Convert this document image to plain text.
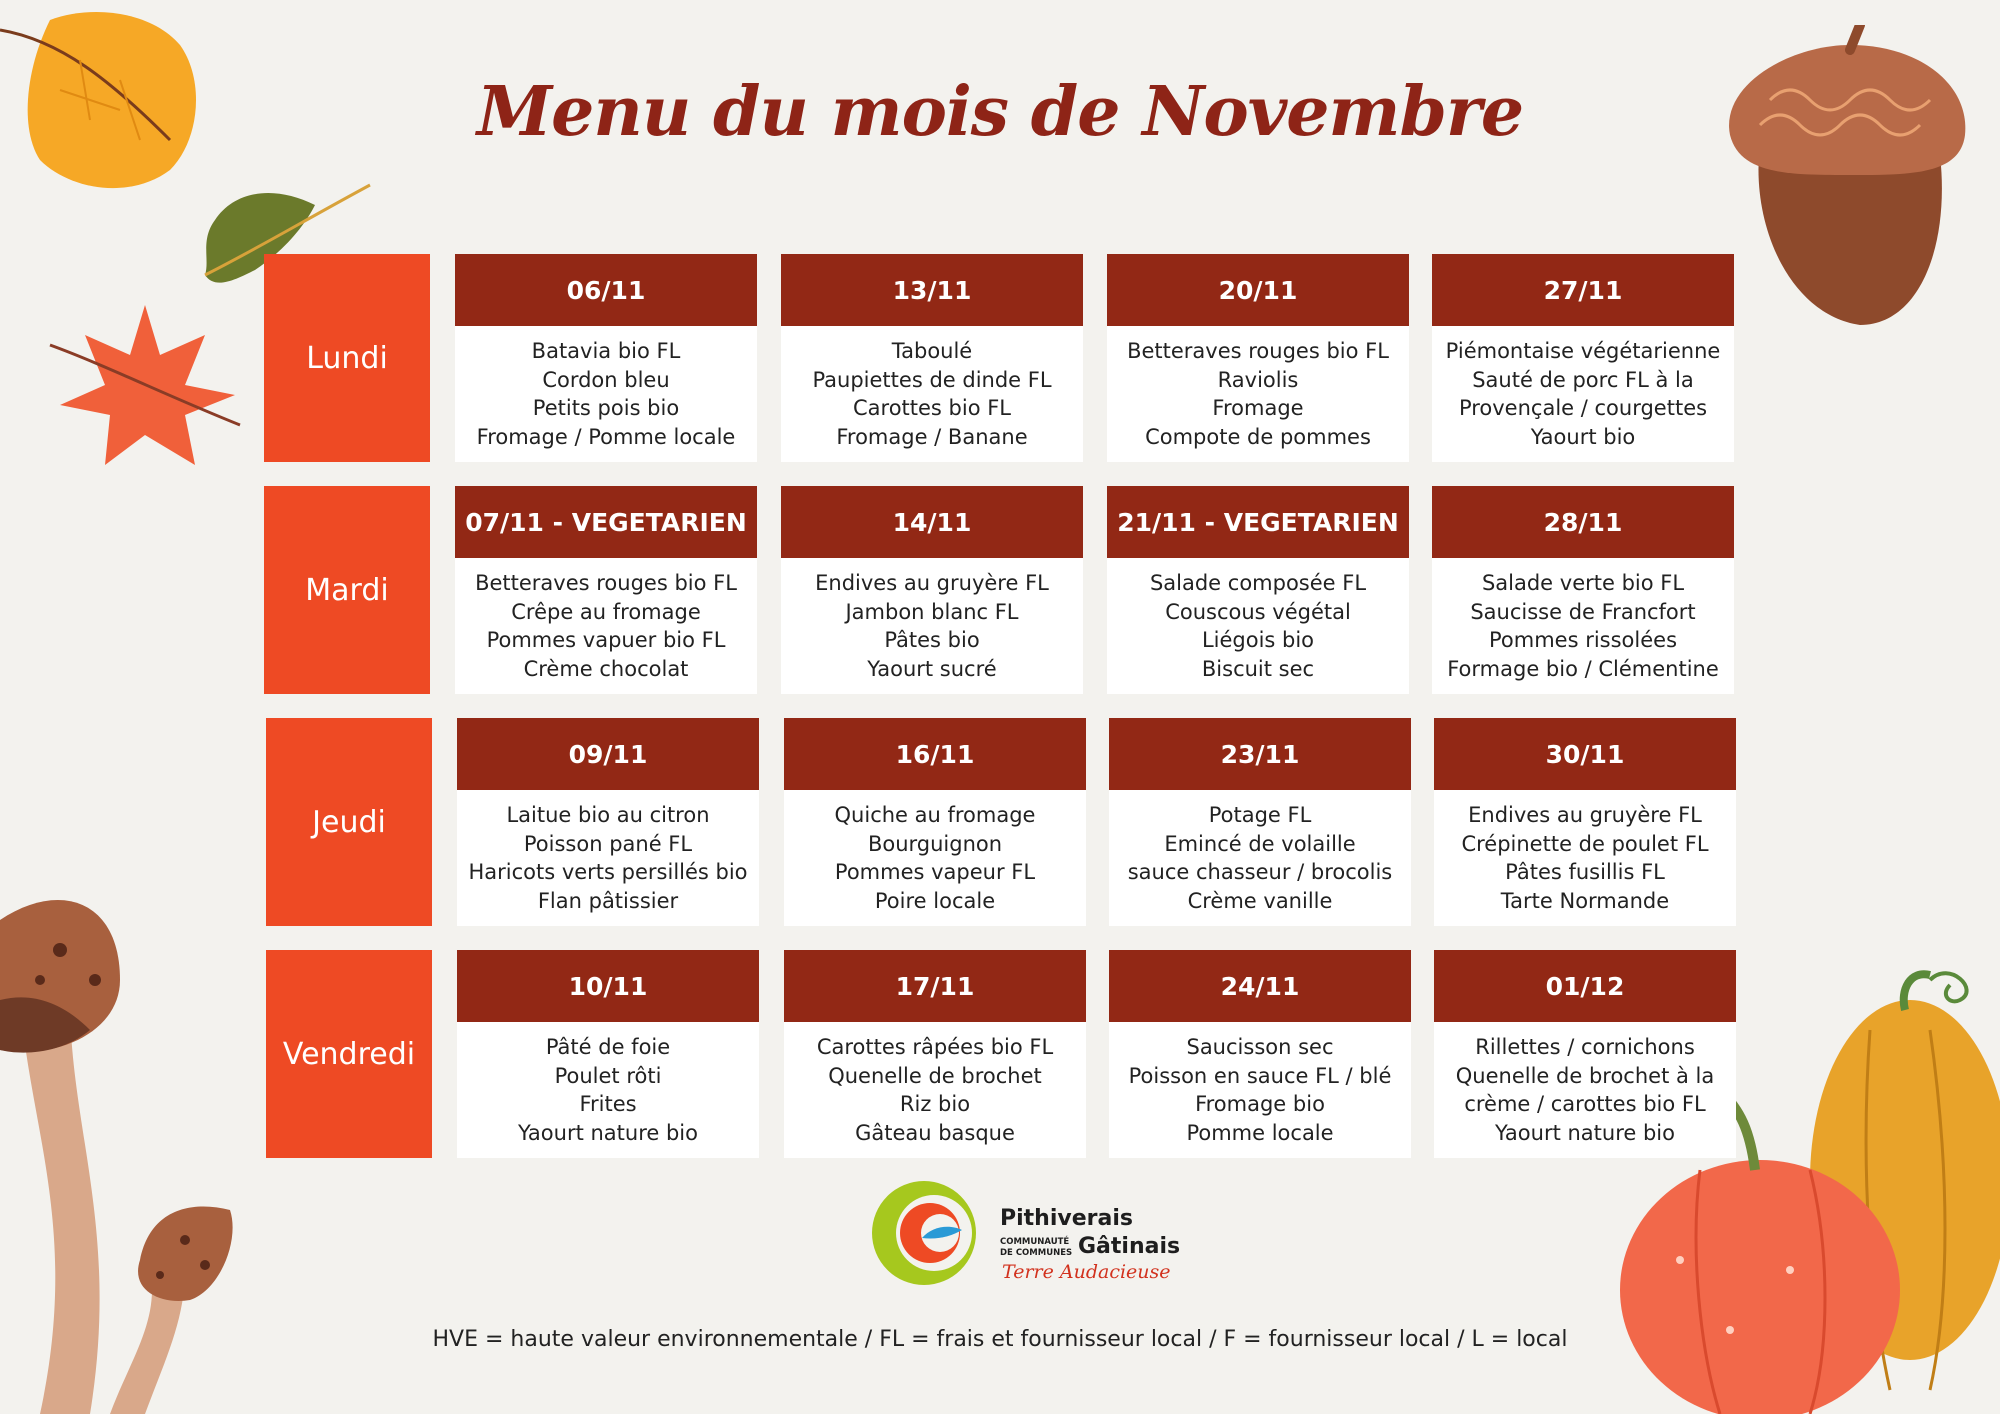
Menu du mois de Novembre
Lundi
Mardi
Jeudi
Vendredi
06/11
Batavia bio FL
Cordon bleu
Petits pois bio
Fromage / Pomme locale
13/11
Taboulé
Paupiettes de dinde FL
Carottes bio FL
Fromage / Banane
20/11
Betteraves rouges bio FL
Raviolis
Fromage
Compote de pommes
27/11
Piémontaise végétarienne
Sauté de porc FL à la
Provençale / courgettes
Yaourt bio
07/11 - VEGETARIEN
Betteraves rouges bio FL
Crêpe au fromage
Pommes vapuer bio FL
Crème chocolat
14/11
Endives au gruyère FL
Jambon blanc FL
Pâtes bio
Yaourt sucré
21/11 - VEGETARIEN
Salade composée FL
Couscous végétal
Liégois bio
Biscuit sec
28/11
Salade verte bio FL
Saucisse de Francfort
Pommes rissolées
Formage bio / Clémentine
09/11
Laitue bio au citron
Poisson pané FL
Haricots verts persillés bio
Flan pâtissier
16/11
Quiche au fromage
Bourguignon
Pommes vapeur FL
Poire locale
23/11
Potage FL
Emincé de volaille
sauce chasseur / brocolis
Crème vanille
30/11
Endives au gruyère FL
Crépinette de poulet FL
Pâtes fusillis FL
Tarte Normande
10/11
Pâté de foie
Poulet rôti
Frites
Yaourt nature bio
17/11
Carottes râpées bio FL
Quenelle de brochet
Riz bio
Gâteau basque
24/11
Saucisson sec
Poisson en sauce FL / blé
Fromage bio
Pomme locale
01/12
Rillettes / cornichons
Quenelle de brochet à la
crème / carottes bio FL
Yaourt nature bio
Pithiverais
COMMUNAUTÉ
DE COMMUNES Gâtinais
Terre Audacieuse
HVE = haute valeur environnementale / FL = frais et fournisseur local / F = fournisseur local / L = local
